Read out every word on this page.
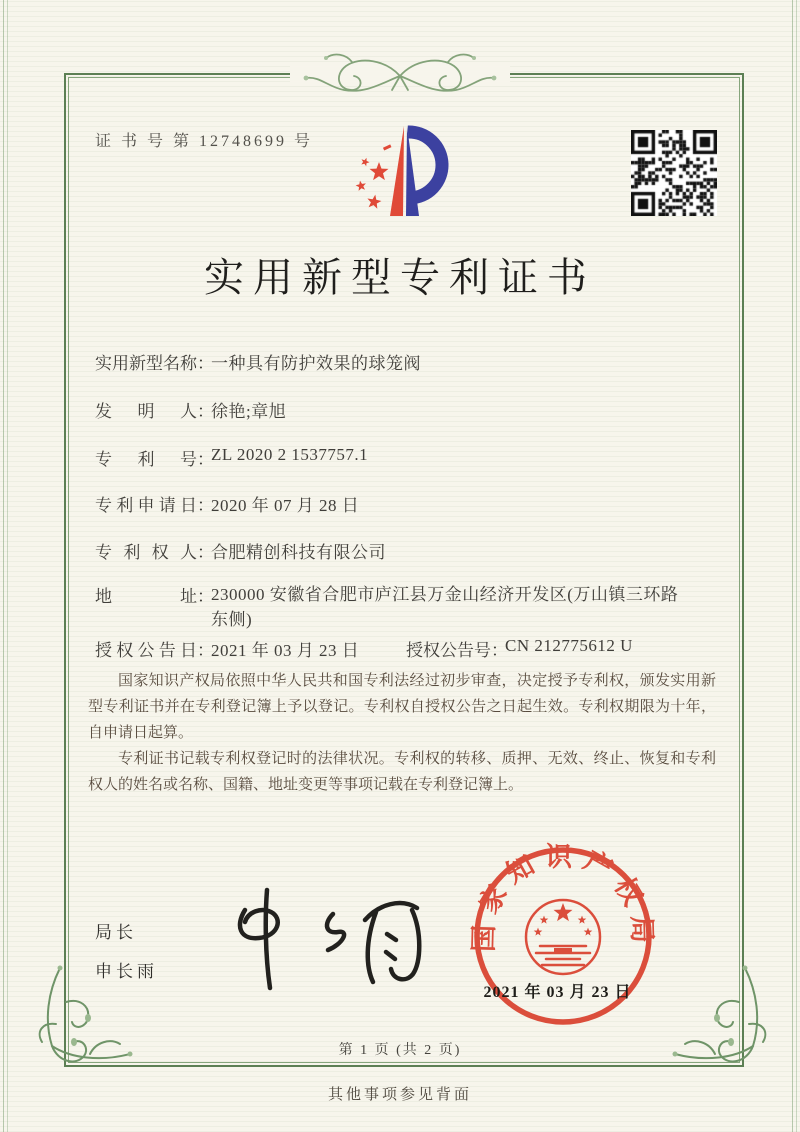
证 书 号 第 12748699 号
实用新型专利证书
实用新型名称：一种具有防护效果的球笼阀
发明人：徐艳;章旭
专利号：ZL 2020 2 1537757.1
专利申请日：2020 年 07 月 28 日
专利权人：合肥精创科技有限公司
地址：230000 安徽省合肥市庐江县万金山经济开发区(万山镇三环路东侧)
授权公告日：2021 年 03 月 23 日	授权公告号：CN 212775612 U

国家知识产权局依照中华人民共和国专利法经过初步审查，决定授予专利权，颁发实用新型专利证书并在专利登记簿上予以登记。专利权自授权公告之日起生效。专利权期限为十年，自申请日起算。

专利证书记载专利权登记时的法律状况。专利权的转移、质押、无效、终止、恢复和专利权人的姓名或名称、国籍、地址变更等事项记载在专利登记簿上。

局长
申长雨
国家知识产权局
2021 年 03 月 23 日
第 1 页 (共 2 页)
其他事项参见背面
